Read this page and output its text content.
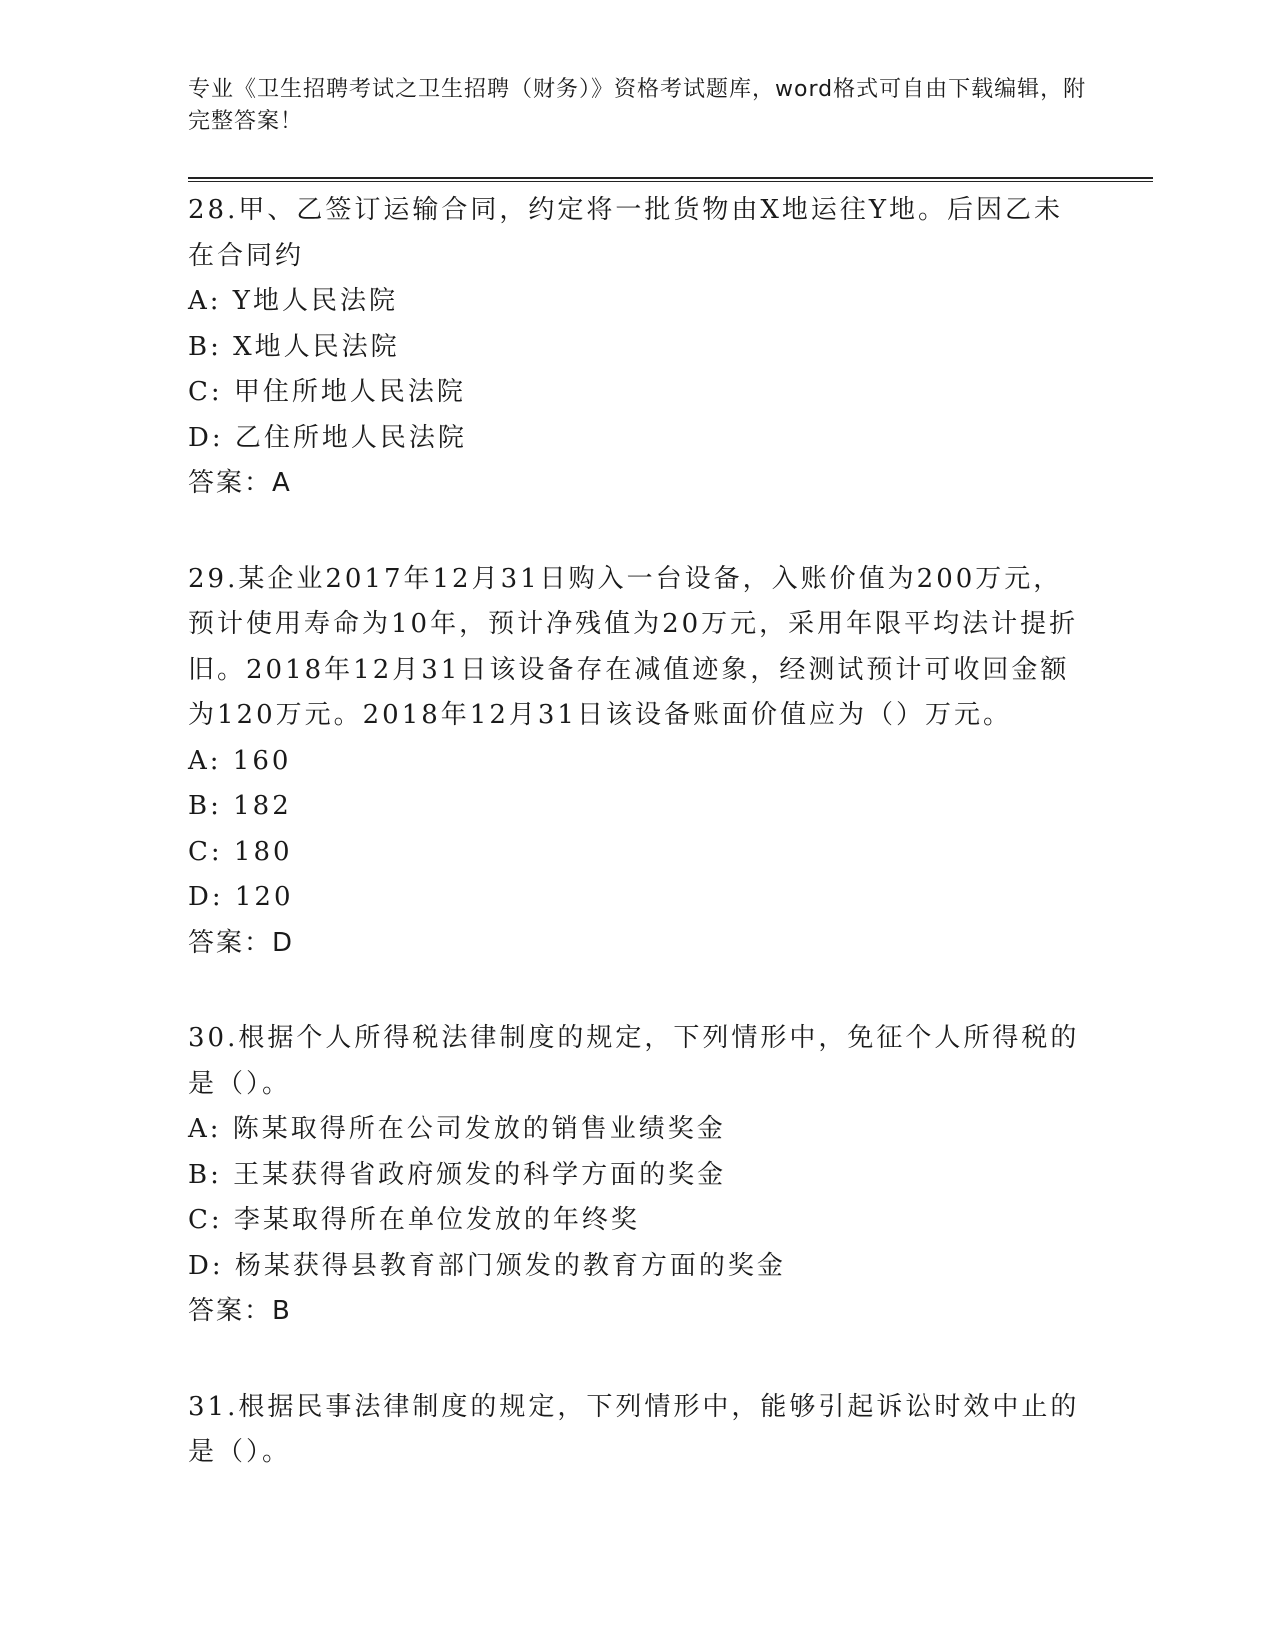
专业《卫生招聘考试之卫生招聘（财务）》资格考试题库，word格式可自由下载编辑，附完整答案！
28.甲、乙签订运输合同，约定将一批货物由X地运往Y地。后因乙未在合同约
A: Y地人民法院
B: X地人民法院
C: 甲住所地人民法院
D: 乙住所地人民法院
答案：A
29.某企业2017年12月31日购入一台设备，入账价值为200万元，预计使用寿命为10年，预计净残值为20万元，采用年限平均法计提折旧。2018年12月31日该设备存在减值迹象，经测试预计可收回金额为120万元。2018年12月31日该设备账面价值应为（）万元。
A: 160
B: 182
C: 180
D: 120
答案：D
30.根据个人所得税法律制度的规定，下列情形中，免征个人所得税的是（）。
A: 陈某取得所在公司发放的销售业绩奖金
B: 王某获得省政府颁发的科学方面的奖金
C: 李某取得所在单位发放的年终奖
D: 杨某获得县教育部门颁发的教育方面的奖金
答案：B
31.根据民事法律制度的规定，下列情形中，能够引起诉讼时效中止的是（）。
